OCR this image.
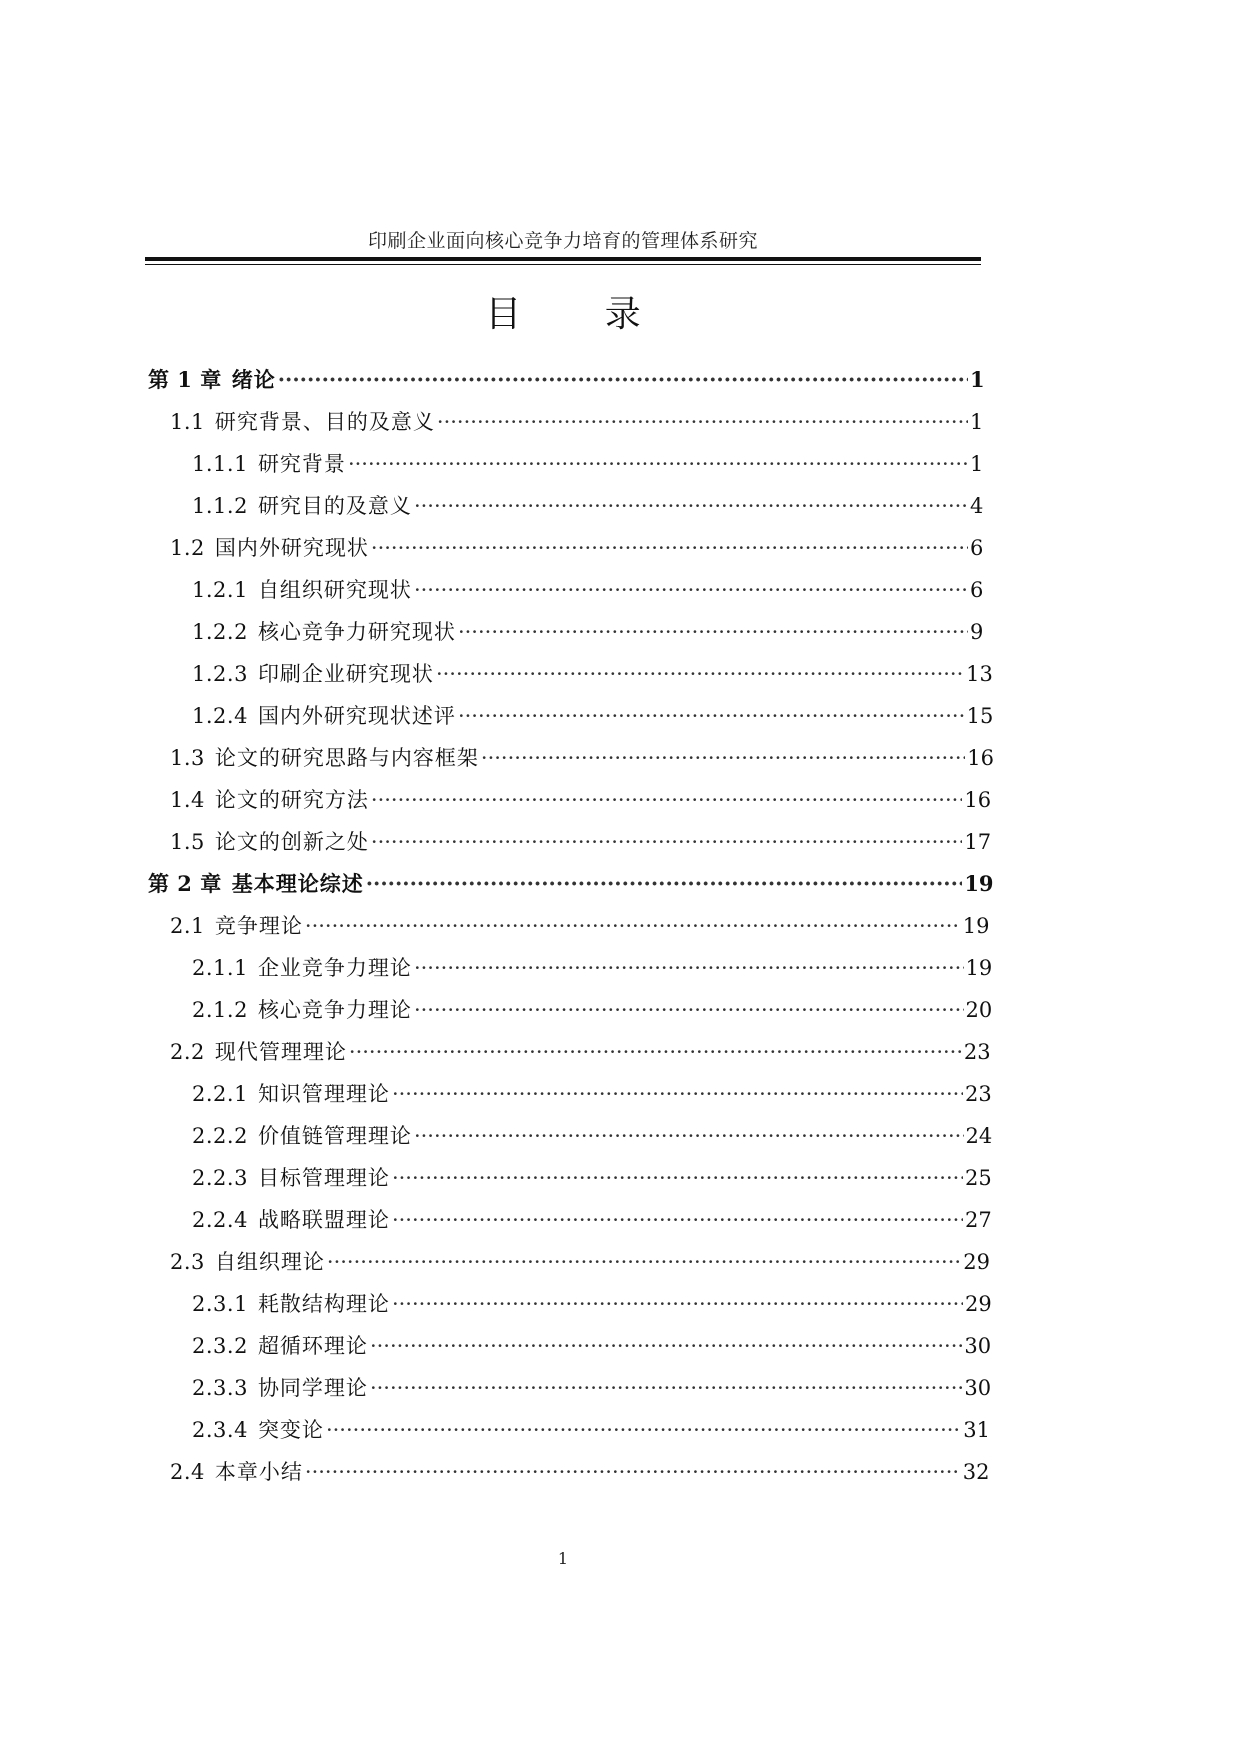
印刷企业面向核心竞争力培育的管理体系研究
目 录
第 1 章 绪论 ·····	1
1.1 研究背景、目的及意义 ·····	1
1.1.1 研究背景 ·····	1
1.1.2 研究目的及意义 ·····	4
1.2 国内外研究现状 ·····	6
1.2.1 自组织研究现状 ·····	6
1.2.2 核心竞争力研究现状 ·····	9
1.2.3 印刷企业研究现状 ·····	13
1.2.4 国内外研究现状述评 ·····	15
1.3 论文的研究思路与内容框架 ·····	16
1.4 论文的研究方法 ·····	16
1.5 论文的创新之处 ·····	17
第 2 章 基本理论综述 ·····	19
2.1 竞争理论 ·····	19
2.1.1 企业竞争力理论 ·····	19
2.1.2 核心竞争力理论 ·····	20
2.2 现代管理理论 ·····	23
2.2.1 知识管理理论 ·····	23
2.2.2 价值链管理理论 ·····	24
2.2.3 目标管理理论 ·····	25
2.2.4 战略联盟理论 ·····	27
2.3 自组织理论 ·····	29
2.3.1 耗散结构理论 ·····	29
2.3.2 超循环理论 ·····	30
2.3.3 协同学理论 ·····	30
2.3.4 突变论 ·····	31
2.4 本章小结 ·····	32
1
